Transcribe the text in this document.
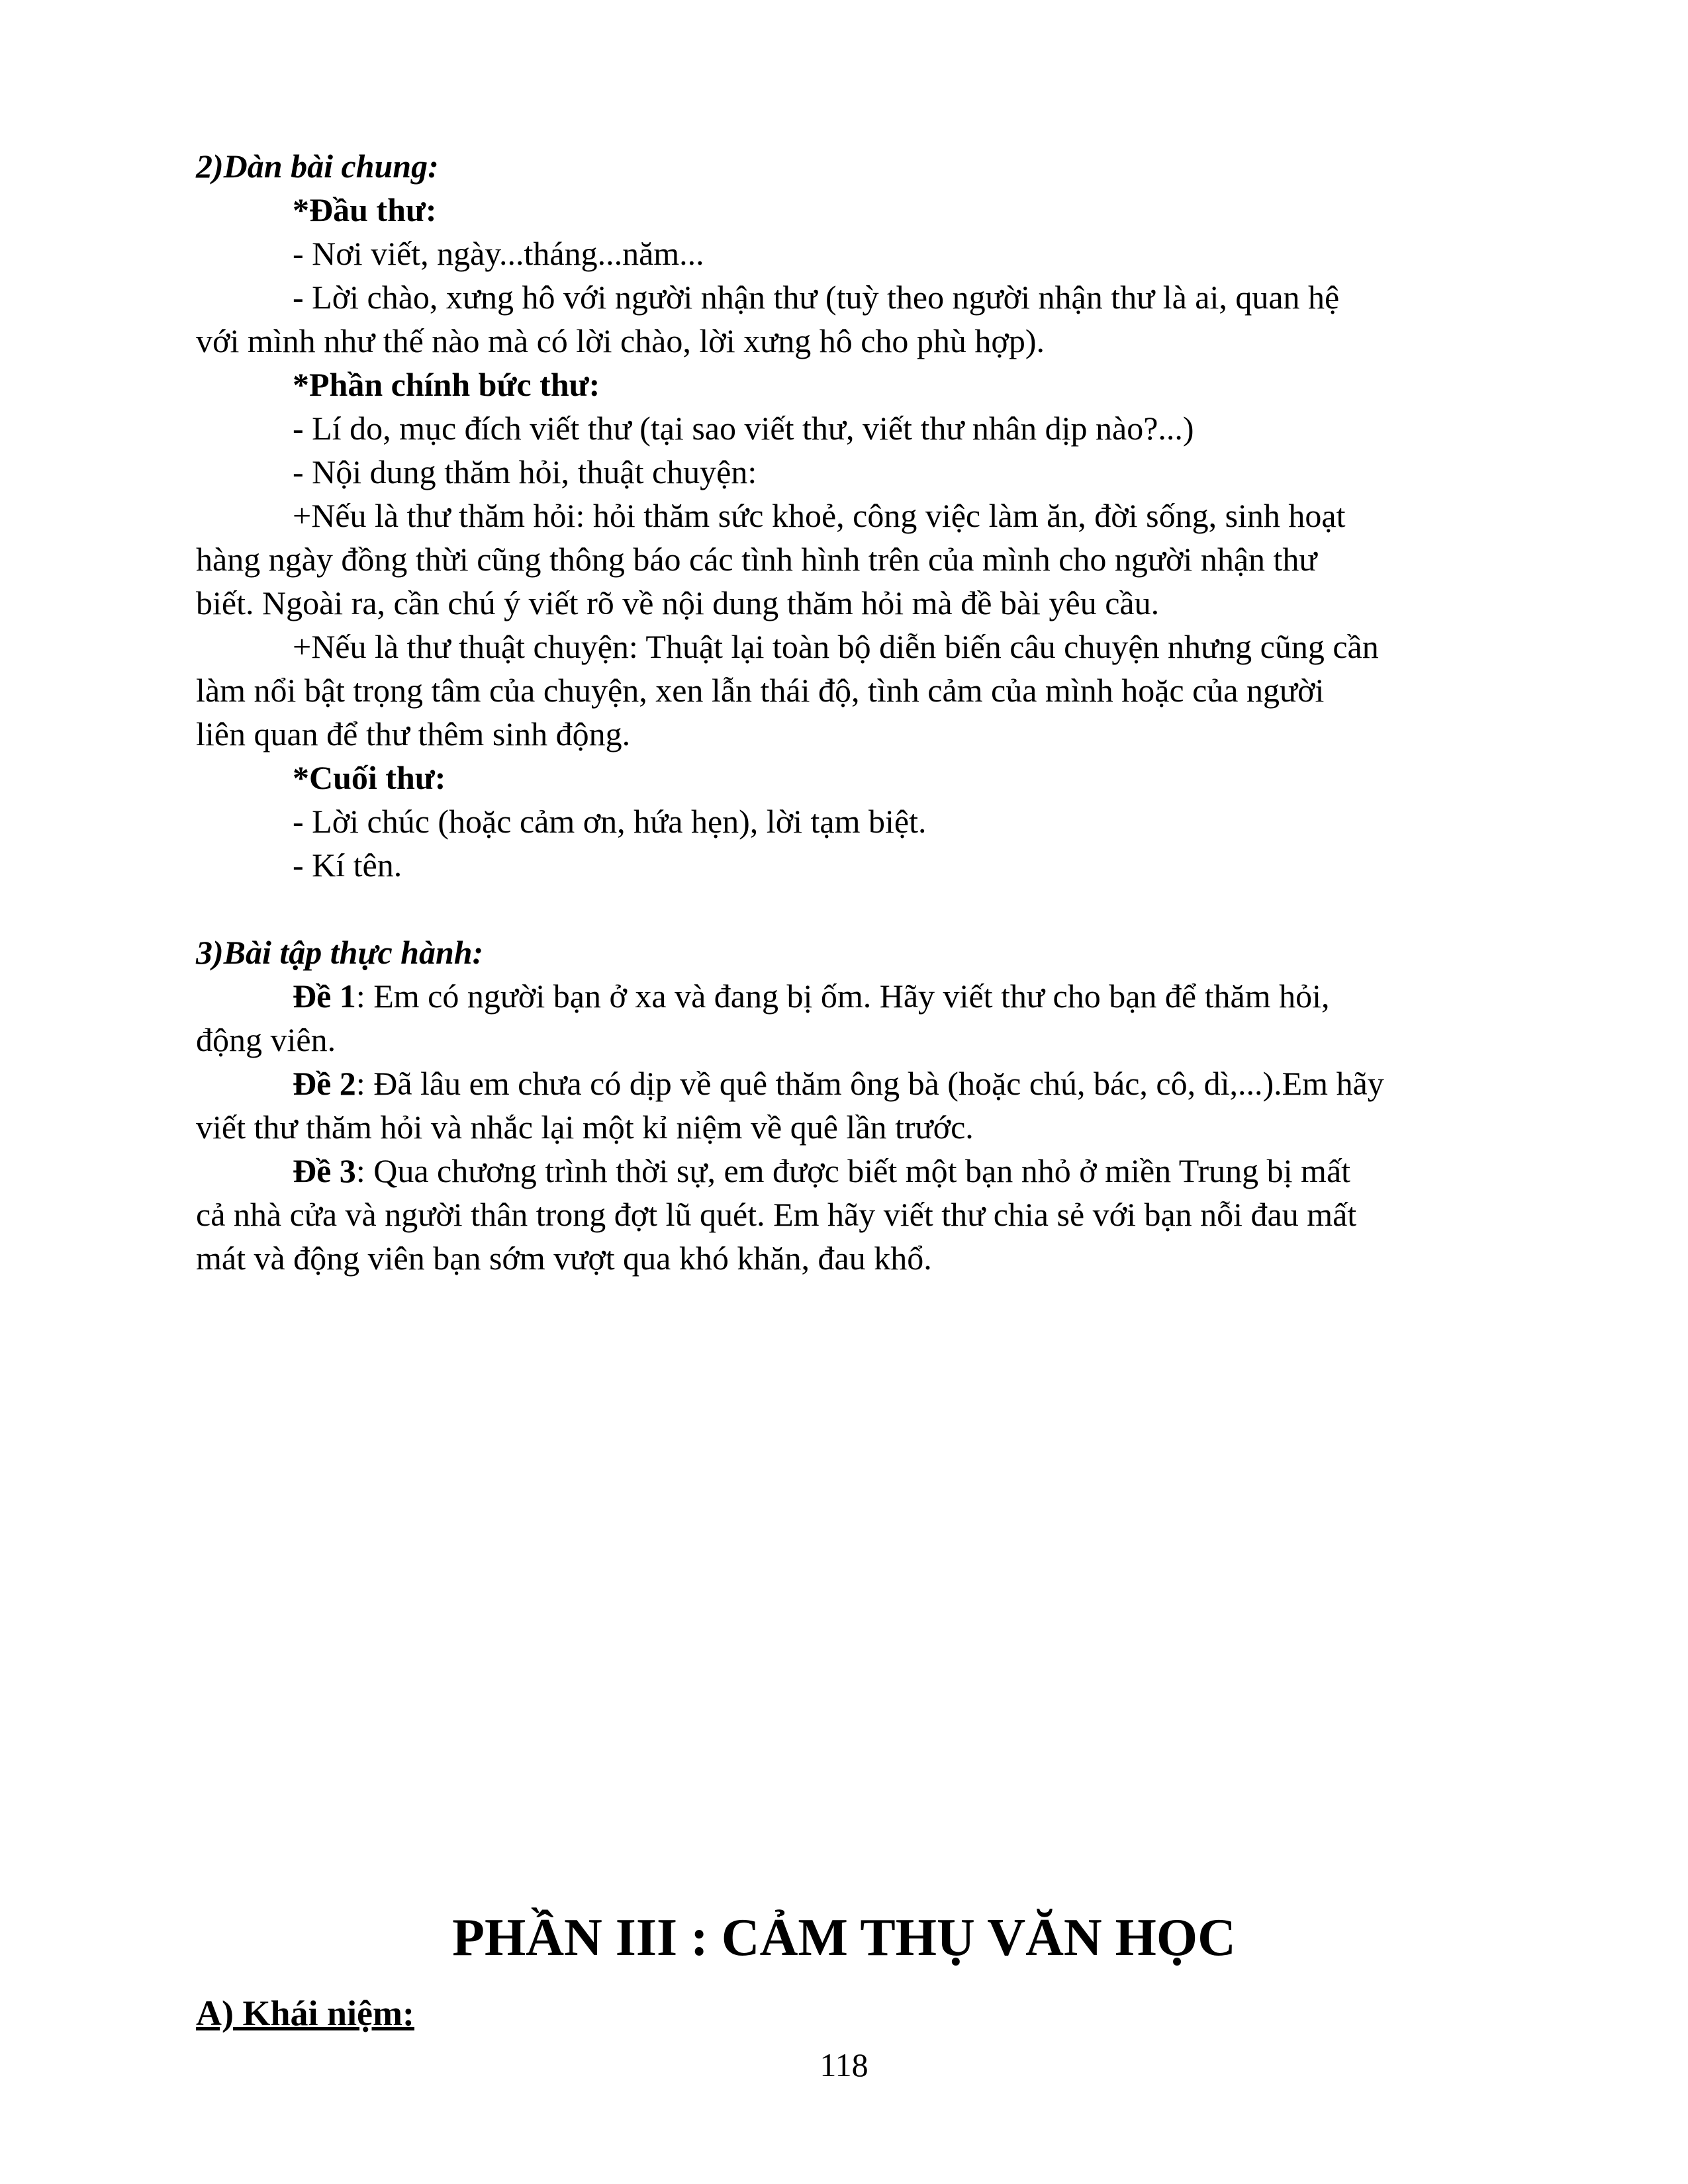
2)Dàn bài chung:
*Đầu thư:
- Nơi viết, ngày...tháng...năm...
- Lời chào, xưng hô với người nhận thư (tuỳ theo người nhận thư là ai, quan hệ
với mình như thế nào mà có lời chào, lời xưng hô cho phù hợp).
*Phần chính bức thư:
- Lí do, mục đích viết thư (tại sao viết thư, viết thư nhân dịp nào?...)
- Nội dung thăm hỏi, thuật chuyện:
+Nếu là thư thăm hỏi: hỏi thăm sức khoẻ, công việc làm ăn, đời sống, sinh hoạt
hàng ngày đồng thừi cũng thông báo các tình hình trên của mình cho người nhận thư
biết. Ngoài ra, cần chú ý viết rõ về nội dung thăm hỏi mà đề bài yêu cầu.
+Nếu là thư thuật chuyện: Thuật lại toàn bộ diễn biến câu chuyện nhưng cũng cần
làm nổi bật trọng tâm của chuyện, xen lẫn thái độ, tình cảm của mình hoặc của người
liên quan để thư thêm sinh động.
*Cuối thư:
- Lời chúc (hoặc cảm ơn, hứa hẹn), lời tạm biệt.
- Kí tên.
3)Bài tập thực hành:
Đề 1: Em có người bạn ở xa và đang bị ốm. Hãy viết thư cho bạn để thăm hỏi,
động viên.
Đề 2: Đã lâu em chưa có dịp về quê thăm ông bà (hoặc chú, bác, cô, dì,...).Em hãy
viết thư thăm hỏi và nhắc lại một kỉ niệm về quê lần trước.
Đề 3: Qua chương trình thời sự, em được biết một bạn nhỏ ở miền Trung bị mất
cả nhà cửa và người thân trong đợt lũ quét. Em hãy viết thư chia sẻ với bạn nỗi đau mất
mát và động viên bạn sớm vượt qua khó khăn, đau khổ.
PHẦN III : CẢM THỤ VĂN HỌC
A) Khái niệm:
118
